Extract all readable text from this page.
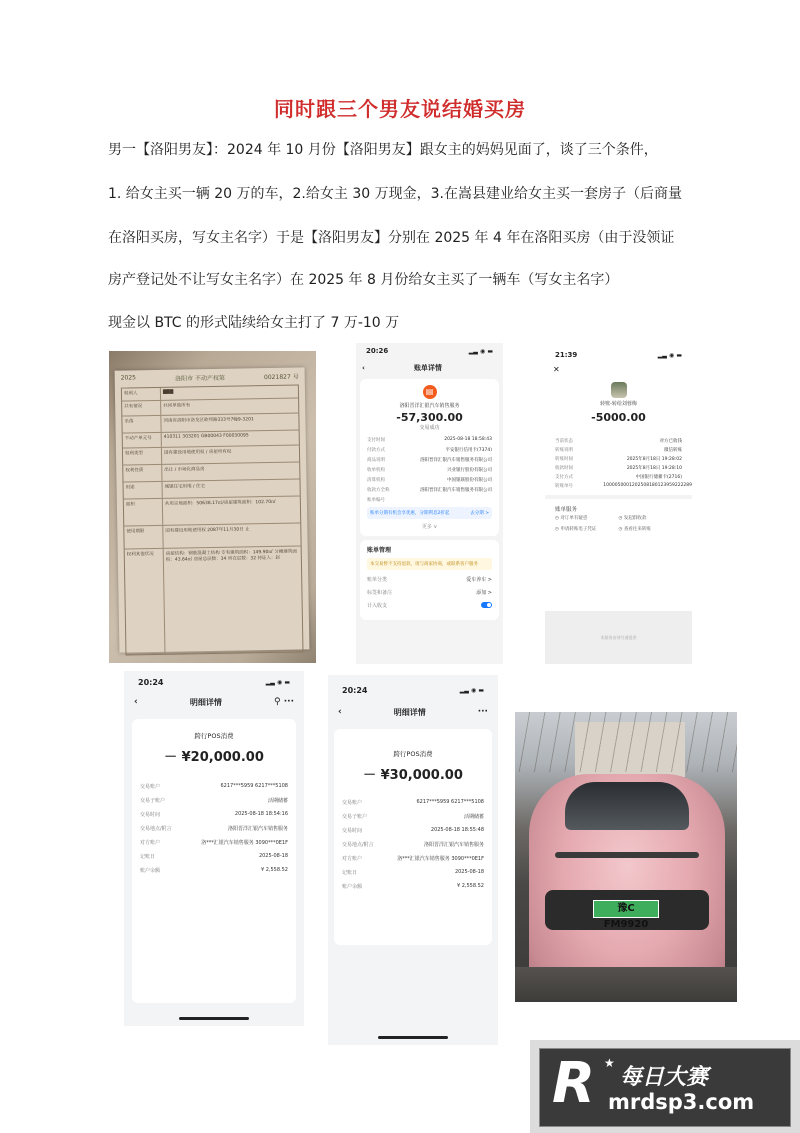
同时跟三个男友说结婚买房
男一【洛阳男友】：2024 年 10 月份【洛阳男友】跟女主的妈妈见面了，谈了三个条件，
1. 给女主买一辆 20 万的车，2.给女主 30 万现金，3.在嵩县建业给女主买一套房子（后商量
在洛阳买房，写女主名字）于是【洛阳男友】分别在 2025 年 4 年在洛阳买房（由于没领证
房产登记处不让写女主名字）在 2025 年 8 月份给女主买了一辆车（写女主名字）
现金以 BTC 的形式陆续给女主打了 7 万-10 万
2025	洛阳市 不动产权第	0021827 号
权利人	▇▇▇
共有情况	共同单独所有
坐落	河南省洛阳市洛龙区欧邦路333号7幢9-3201
不动产单元号	410311 303201 GB00043 F00030095
权利类型	国有建设用地使用权 / 房屋所有权
权利性质	出让 / 市场化商品房
用途	城镇住宅用地 / 住宅
面积	共用宗地面积：50638.17㎡/房屋建筑面积：102.70㎡
使用期限	国有建设用地使用权 2087年11月30日 止
权利其他状况	房屋结构：钢筋混凝土结构 专有建筑面积：149.90㎡ 分摊建筑面积：43.64㎡ 房屋总层数：34 所在层数：32 持证人：赵
20:26	▂▃ ◉ ▬
‹	账单详情
▤
洛阳晋洋汇银汽车销售服务
-57,300.00
交易成功
支付时间	2025-08-18 18:58:43
付款方式	平安银行信用卡(7374)
商品说明	洛阳晋洋汇银汽车销售服务有限公司
收单机构	兴业银行股份有限公司
清算机构	中国银联股份有限公司
收款方全称	洛阳晋洋汇银汽车销售服务有限公司
账单编号
账单分期有机会享优惠，分期利息2折起	去分期 >
更多 ∨
账单管理
本交易暂不支持退款，请与商家协商，或联系客户服务
账单分类	爱车养车 >
标签和备注	添加 >
计入收支
21:39	▂▃ ◉ ▬
✕
转账-转给刘蓉梅
-5000.00
当前状态	对方已收钱
转账说明	微信转账
转账时间	2025年8月18日 19:28:02
收款时间	2025年8月18日 19:28:10
支付方式	中国银行储蓄卡(2716)
转账单号	1000050001202508180123959222289
账单服务
◷ 对订单有疑惑	◷ 发起群收款
◷ 申请转账电子凭证	◷ 查看往来转账
本服务由财付通提供
20:24	▂▃ ◉ ▬
‹	明细详情	⚲ ···
跨行POS消费
－ ¥20,000.00
交易账户	6217***5959 6217***5108
交易子账户	活期储蓄
交易时间	2025-08-18 18:54:16
交易地点/附言	洛阳晋洋汇银汽车销售服务
对方账户	洛***汇银汽车销售服务 3090***0E1F
记账日	2025-08-18
账户余额	¥ 2,558.52
20:24	▂▃ ◉ ▬
‹	明细详情	···
跨行POS消费
－ ¥30,000.00
交易账户	6217***5959 6217***5108
交易子账户	活期储蓄
交易时间	2025-08-18 18:55:48
交易地点/附言	洛阳晋洋汇银汽车销售服务
对方账户	洛***汇银汽车销售服务 3090***0E1F
记账日	2025-08-18
账户余额	¥ 2,558.52
豫C FM9920
R ★
每日大赛
mrdsp3.com
